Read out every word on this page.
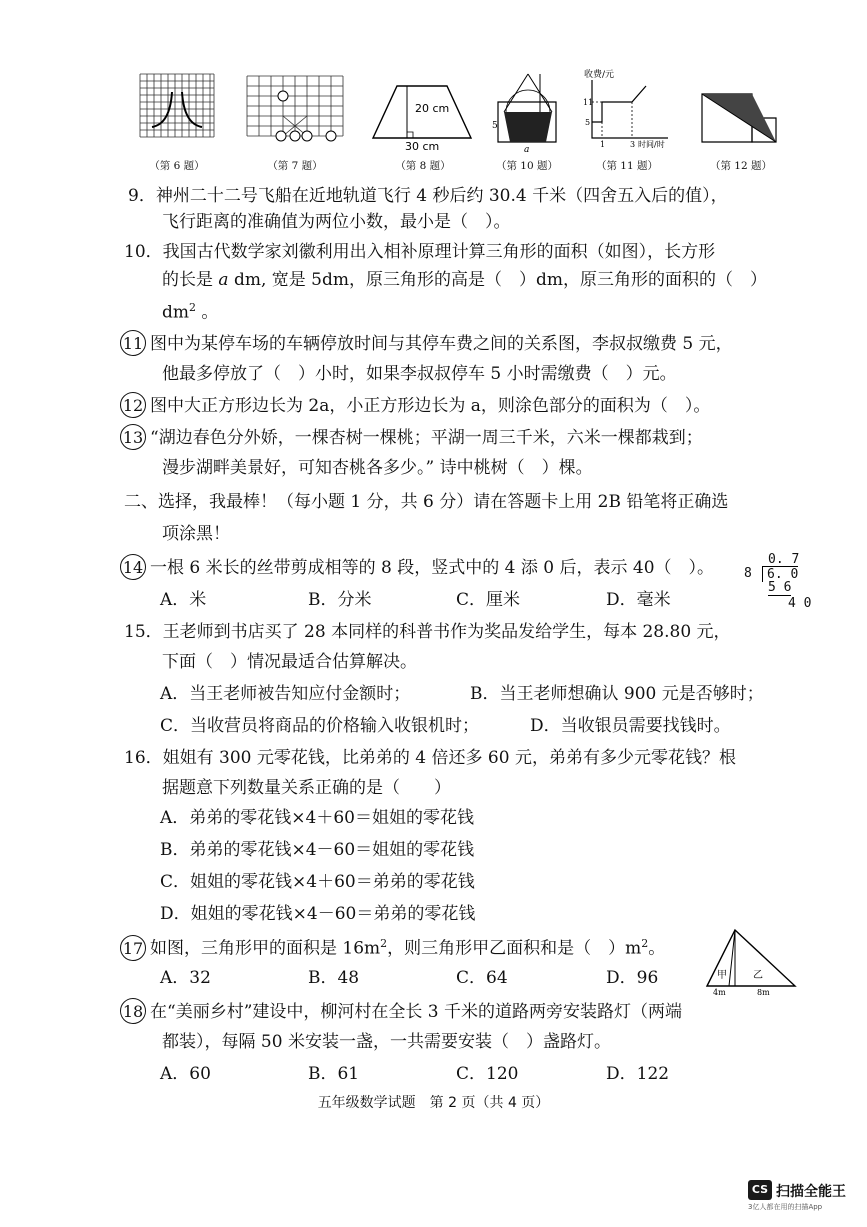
（第 6 题）	（第 7 题）
20 cm
30 cm
（第 8 题）
5
a
（第 10 题）
收费/元
11
5
1	3 时间/时
（第 11 题）	（第 12 题）
9．神州二十二号飞船在近地轨道飞行 4 秒后约 30.4 千米（四舍五入后的值），
飞行距离的准确值为两位小数，最小是（　）。
10．我国古代数学家刘徽利用出入相补原理计算三角形的面积（如图），长方形
的长是 a dm, 宽是 5dm，原三角形的高是（　）dm，原三角形的面积的（　）
$dm^2$ 。
11 图中为某停车场的车辆停放时间与其停车费之间的关系图，李叔叔缴费 5 元，
他最多停放了（　）小时，如果李叔叔停车 5 小时需缴费（　）元。
12 图中大正方形边长为 2a，小正方形边长为 a，则涂色部分的面积为（　）。
13 “湖边春色分外娇，一棵杏树一棵桃；平湖一周三千米，六米一棵都栽到；
漫步湖畔美景好，可知杏桃各多少。” 诗中桃树（　）棵。
二、选择，我最棒！（每小题 1 分，共 6 分）请在答题卡上用 2B 铅笔将正确选
项涂黑！
14 一根 6 米长的丝带剪成相等的 8 段，竖式中的 4 添 0 后，表示 40（　）。	0. 7
8	6. 0
5 6
4 0
A．米	B．分米	C．厘米	D．毫米
15．王老师到书店买了 28 本同样的科普书作为奖品发给学生，每本 28.80 元，
下面（　）情况最适合估算解决。
A．当王老师被告知应付金额时；	B．当王老师想确认 900 元是否够时；
C．当收营员将商品的价格输入收银机时；	D．当收银员需要找钱时。
16．姐姐有 300 元零花钱，比弟弟的 4 倍还多 60 元，弟弟有多少元零花钱？根
据题意下列数量关系正确的是（　　）
A．弟弟的零花钱×4＋60＝姐姐的零花钱
B．弟弟的零花钱×4－60＝姐姐的零花钱
C．姐姐的零花钱×4＋60＝弟弟的零花钱
D．姐姐的零花钱×4－60＝弟弟的零花钱
17 如图，三角形甲的面积是 $16m^2$，则三角形甲乙面积和是（　）$m^2$。
A．32	B．48	C．64	D．96	甲	乙
4m	8m
18 在“美丽乡村”建设中，柳河村在全长 3 千米的道路两旁安装路灯（两端
都装），每隔 50 米安装一盏，一共需要安装（　）盏路灯。
A．60	B．61	C．120	D．122
五年级数学试题　第 2 页（共 4 页）
CS 扫描全能王
3亿人都在用的扫描App
